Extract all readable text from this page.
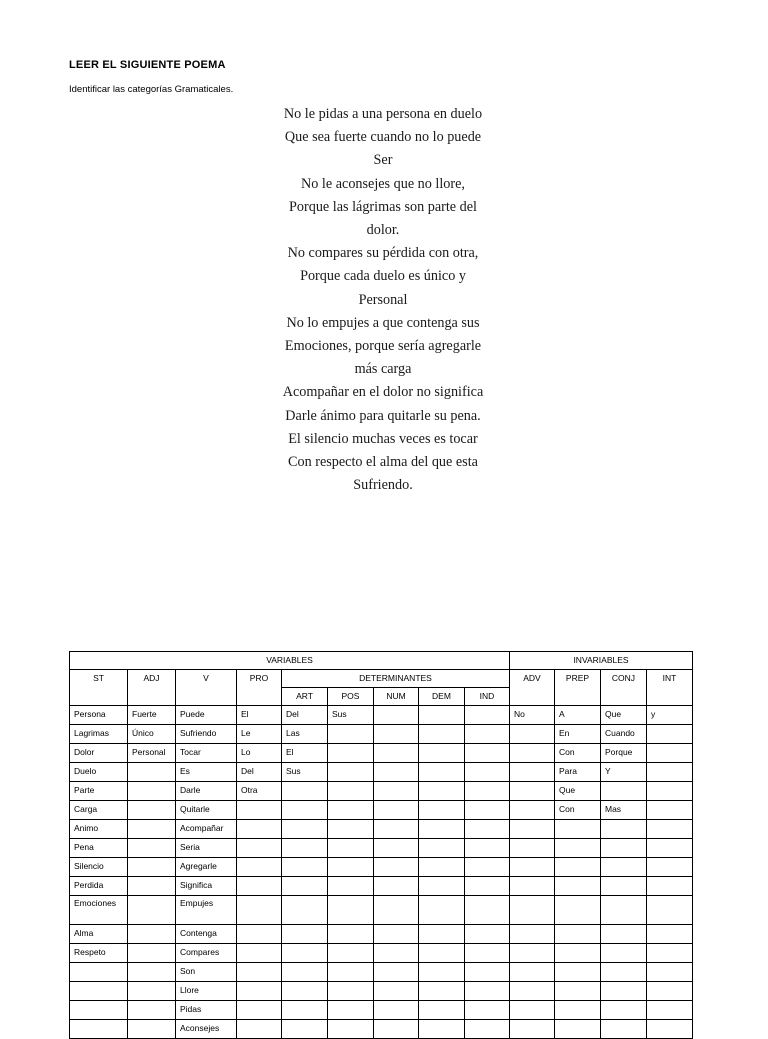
LEER EL SIGUIENTE POEMA
Identificar las categorías Gramaticales.
No le pidas a una persona en duelo
Que sea fuerte cuando no lo puede
Ser
No le aconsejes que no llore,
Porque las lágrimas son parte del
dolor.
No compares su pérdida con otra,
Porque cada duelo es único y
Personal
No lo empujes a que contenga sus
Emociones, porque sería agregarle
más carga
Acompañar en el dolor no significa
Darle ánimo para quitarle su pena.
El silencio muchas veces es tocar
Con respecto el alma del que esta
Sufriendo.
VARIABLES									INVARIABLES			
ST	ADJ	V	PRO	DETERMINANTES					ADV	PREP	CONJ	INT
				ART	POS	NUM	DEM	IND				
Persona	Fuerte	Puede	El	Del	Sus				No	A	Que	y
Lagrimas	Único	Sufriendo	Le	Las						En	Cuando	
Dolor	Personal	Tocar	Lo	El						Con	Porque	
Duelo		Es	Del	Sus						Para	Y	
Parte		Darle	Otra							Que		
Carga		Quitarle								Con	Mas	
Animo		Acompañar										
Pena		Seria										
Silencio		Agregarle										
Perdida		Significa										
Emociones		Empujes										
Alma		Contenga										
Respeto		Compares										
		Son										
		Llore										
		Pidas										
		Aconsejes										
